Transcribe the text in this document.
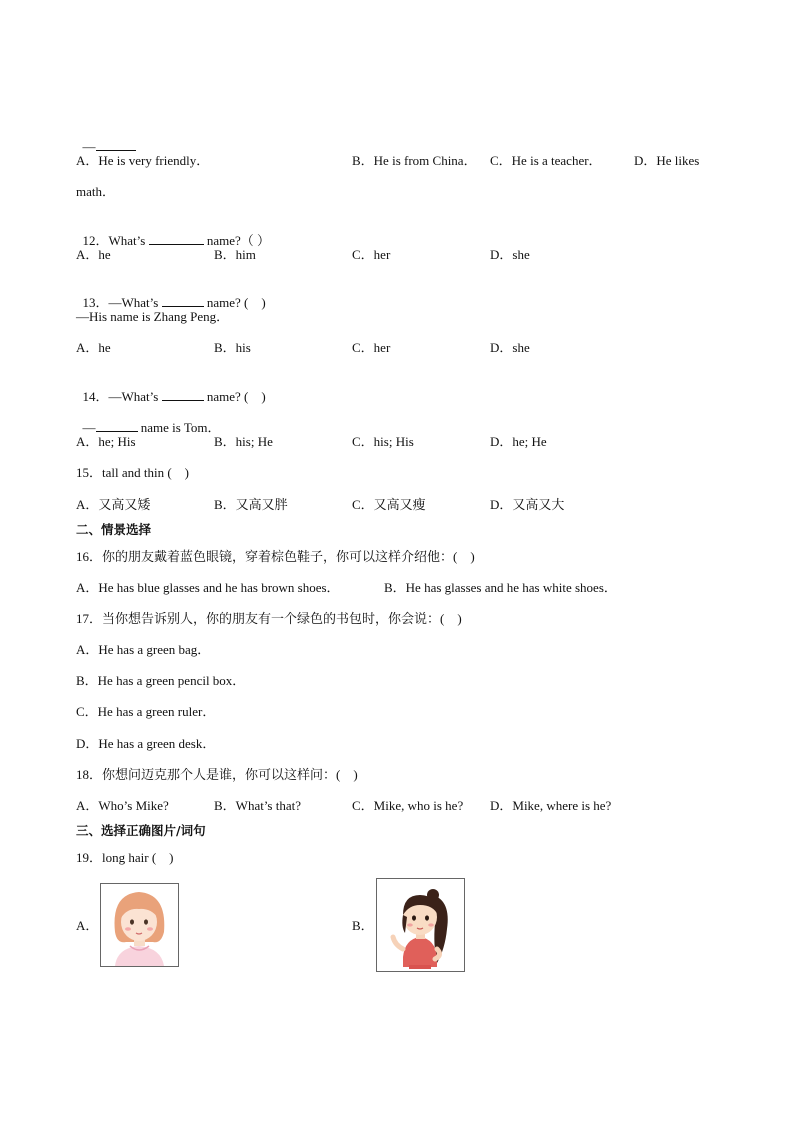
—

A．He is very friendly．	B．He is from China． C．He is a teacher． D．He likes
math．

12．What’s	name?（ ）

A．he	B．him	C．her	D．she

13．—What’s	name? (　)

—His name is Zhang Peng．
A．he	B．his	C．her	D．she

14．—What’s	name? (　)

—	name is Tom．

A．he; His	B．his; He	C．his; His	D．he; He
15．tall and thin (　)
A．又高又矮	B．又高又胖	C．又高又瘦	D．又高又大
二、情景选择
16．你的朋友戴着蓝色眼镜，穿着棕色鞋子，你可以这样介绍他：(　)
A．He has blue glasses and he has brown shoes．	B．He has glasses and he has white shoes．
17．当你想告诉别人，你的朋友有一个绿色的书包时，你会说：(　)
A．He has a green bag．
B．He has a green pencil box．
C．He has a green ruler．
D．He has a green desk．
18．你想问迈克那个人是谁，你可以这样问：(　)
A．Who’s Mike?	B．What’s that?	C．Mike, who is he? D．Mike, where is he?
三、选择正确图片/词句
19．long hair (　)
A．	B．
